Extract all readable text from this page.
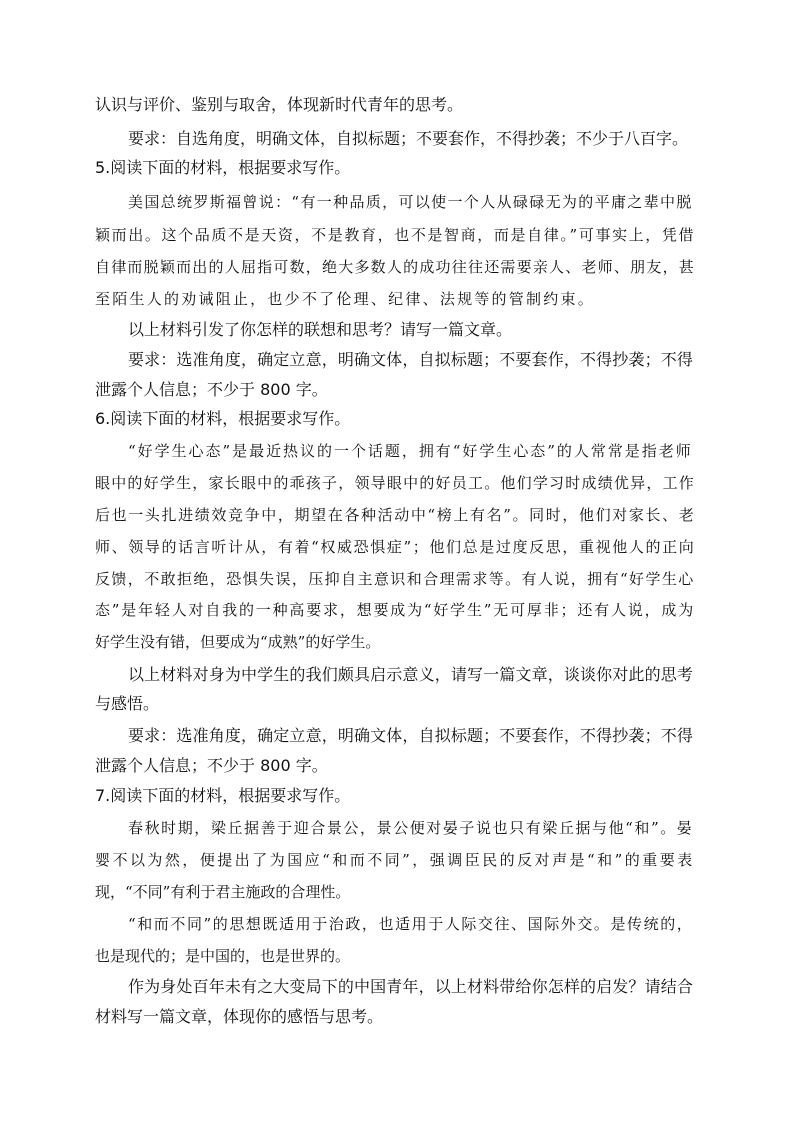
认识与评价、鉴别与取舍，体现新时代青年的思考。
要求：自选角度，明确文体，自拟标题；不要套作，不得抄袭；不少于八百字。
5.阅读下面的材料，根据要求写作。
美国总统罗斯福曾说：“有一种品质，可以使一个人从碌碌无为的平庸之辈中脱
颖而出。这个品质不是天资，不是教育，也不是智商，而是自律。”可事实上，凭借
自律而脱颖而出的人屈指可数，绝大多数人的成功往往还需要亲人、老师、朋友，甚
至陌生人的劝诫阻止，也少不了伦理、纪律、法规等的管制约束。
以上材料引发了你怎样的联想和思考？请写一篇文章。
要求：选准角度，确定立意，明确文体，自拟标题；不要套作，不得抄袭；不得
泄露个人信息；不少于 800 字。
6.阅读下面的材料，根据要求写作。
“好学生心态”是最近热议的一个话题，拥有“好学生心态”的人常常是指老师
眼中的好学生，家长眼中的乖孩子，领导眼中的好员工。他们学习时成绩优异，工作
后也一头扎进绩效竞争中，期望在各种活动中“榜上有名”。同时，他们对家长、老
师、领导的话言听计从，有着“权威恐惧症”；他们总是过度反思，重视他人的正向
反馈，不敢拒绝，恐惧失误，压抑自主意识和合理需求等。有人说，拥有“好学生心
态”是年轻人对自我的一种高要求，想要成为“好学生”无可厚非；还有人说，成为
好学生没有错，但要成为“成熟”的好学生。
以上材料对身为中学生的我们颇具启示意义，请写一篇文章，谈谈你对此的思考
与感悟。
要求：选准角度，确定立意，明确文体，自拟标题；不要套作，不得抄袭；不得
泄露个人信息；不少于 800 字。
7.阅读下面的材料，根据要求写作。
春秋时期，梁丘据善于迎合景公，景公便对晏子说也只有梁丘据与他“和”。晏
婴不以为然，便提出了为国应“和而不同”，强调臣民的反对声是“和”的重要表
现，“不同”有利于君主施政的合理性。
“和而不同”的思想既适用于治政，也适用于人际交往、国际外交。是传统的，
也是现代的；是中国的，也是世界的。
作为身处百年未有之大变局下的中国青年，以上材料带给你怎样的启发？请结合
材料写一篇文章，体现你的感悟与思考。
